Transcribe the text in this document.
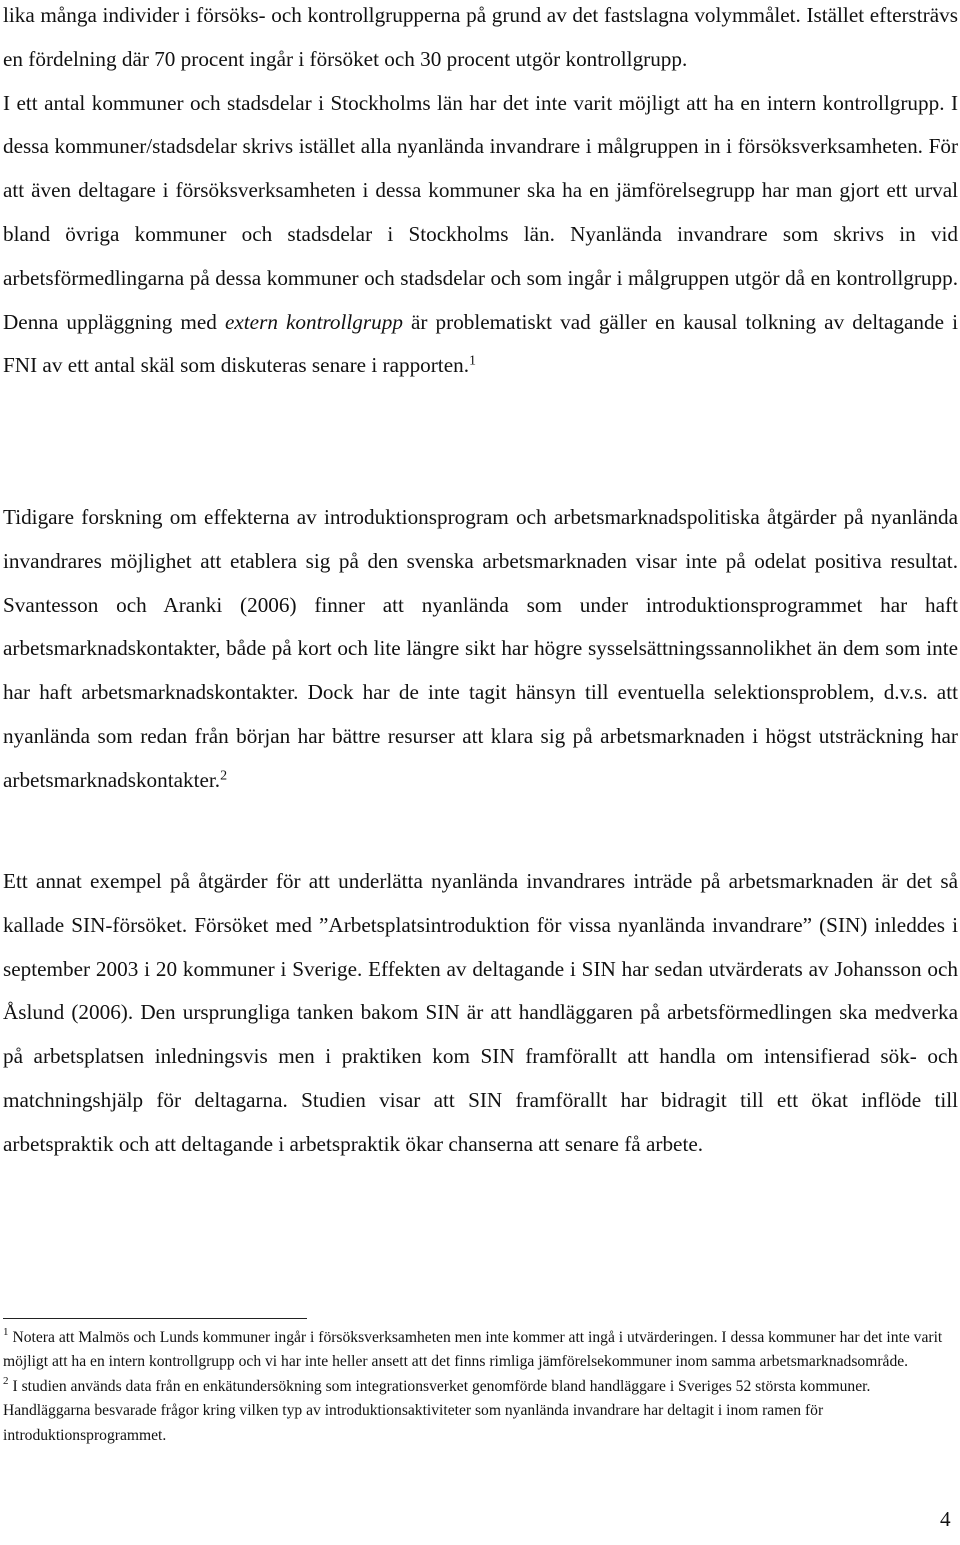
lika många individer i försöks- och kontrollgrupperna på grund av det fastslagna volymmålet. Istället eftersträvs en fördelning där 70 procent ingår i försöket och 30 procent utgör kontrollgrupp.
I ett antal kommuner och stadsdelar i Stockholms län har det inte varit möjligt att ha en intern kontrollgrupp. I dessa kommuner/stadsdelar skrivs istället alla nyanlända invandrare i målgruppen in i försöksverksamheten. För att även deltagare i försöksverksamheten i dessa kommuner ska ha en jämförelsegrupp har man gjort ett urval bland övriga kommuner och stadsdelar i Stockholms län. Nyanlända invandrare som skrivs in vid arbetsförmedlingarna på dessa kommuner och stadsdelar och som ingår i målgruppen utgör då en kontrollgrupp. Denna uppläggning med extern kontrollgrupp är problematiskt vad gäller en kausal tolkning av deltagande i FNI av ett antal skäl som diskuteras senare i rapporten.$^1$

Tidigare forskning om effekterna av introduktionsprogram och arbetsmarknadspolitiska åtgärder på nyanlända invandrares möjlighet att etablera sig på den svenska arbetsmarknaden visar inte på odelat positiva resultat. Svantesson och Aranki (2006) finner att nyanlända som under introduktionsprogrammet har haft arbetsmarknadskontakter, både på kort och lite längre sikt har högre sysselsättningssannolikhet än dem som inte har haft arbetsmarknadskontakter. Dock har de inte tagit hänsyn till eventuella selektionsproblem, d.v.s. att nyanlända som redan från början har bättre resurser att klara sig på arbetsmarknaden i högst utsträckning har arbetsmarknadskontakter.$^2$

Ett annat exempel på åtgärder för att underlätta nyanlända invandrares inträde på arbetsmarknaden är det så kallade SIN-försöket. Försöket med ”Arbetsplatsintroduktion för vissa nyanlända invandrare” (SIN) inleddes i september 2003 i 20 kommuner i Sverige. Effekten av deltagande i SIN har sedan utvärderats av Johansson och Åslund (2006). Den ursprungliga tanken bakom SIN är att handläggaren på arbetsförmedlingen ska medverka på arbetsplatsen inledningsvis men i praktiken kom SIN framförallt att handla om intensifierad sök- och matchningshjälp för deltagarna. Studien visar att SIN framförallt har bidragit till ett ökat inflöde till arbetspraktik och att deltagande i arbetspraktik ökar chanserna att senare få arbete.

$^1$ Notera att Malmös och Lunds kommuner ingår i försöksverksamheten men inte kommer att ingå i utvärderingen. I dessa kommuner har det inte varit möjligt att ha en intern kontrollgrupp och vi har inte heller ansett att det finns rimliga jämförelsekommuner inom samma arbetsmarknadsområde.

$^2$ I studien används data från en enkätundersökning som integrationsverket genomförde bland handläggare i Sveriges 52 största kommuner. Handläggarna besvarade frågor kring vilken typ av introduktionsaktiviteter som nyanlända invandrare har deltagit i inom ramen för introduktionsprogrammet.

4
